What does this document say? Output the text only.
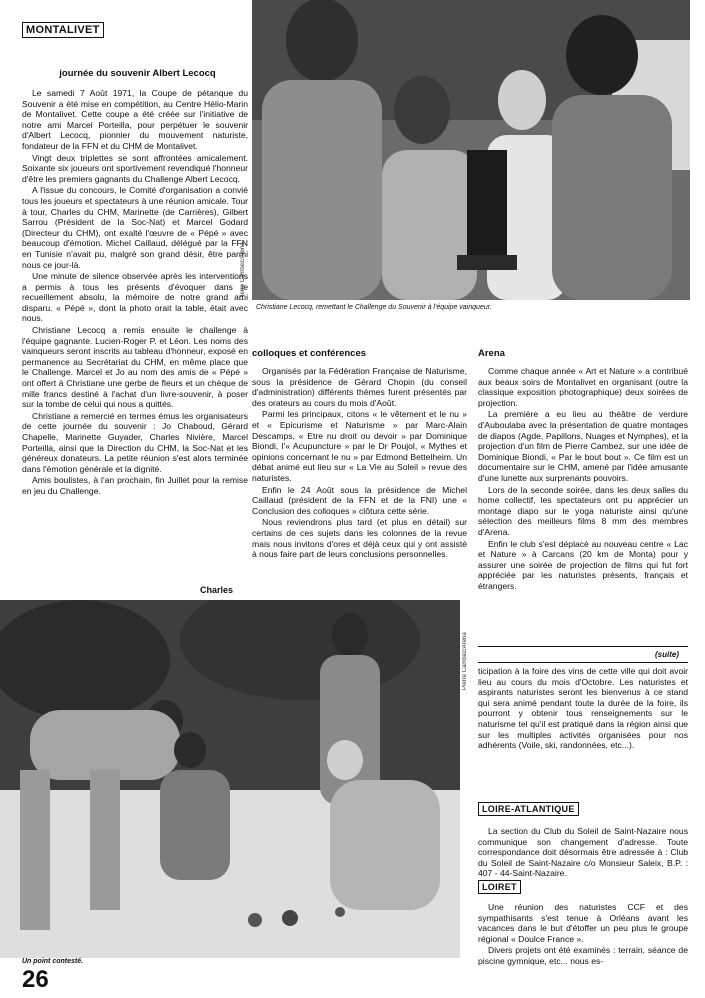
MONTALIVET
journée du souvenir Albert Lecocq

Le samedi 7 Août 1971, la Coupe de pétanque du Souvenir a été mise en compétition, au Centre Hélio-Marin de Montalivet. Cette coupe a été créée sur l'initiative de notre ami Marcel Porteilla, pour perpétuer le souvenir d'Albert Lecocq, pionnier du mouvement naturiste, fondateur de la FFN et du CHM de Montalivet.

Vingt deux triplettes se sont affrontées amicalement. Soixante six joueurs ont sportivement revendiqué l'honneur d'être les premiers gagnants du Challenge Albert Lecocq.

A l'issue du concours, le Comité d'organisation a convié tous les joueurs et spectateurs à une réunion amicale. Tour à tour, Charles du CHM, Marinette (de Carrières), Gilbert Sarrou (Président de la Soc-Nat) et Marcel Godard (Directeur du CHM), ont exalté l'œuvre de « Pépé » avec beaucoup d'émotion. Michel Caillaud, délégué par la FFN en Tunisie n'avait pu, malgré son grand désir, être parmi nous ce jour-là.

Une minute de silence observée après les interventions a permis à tous les présents d'évoquer dans le recueillement absolu, la mémoire de notre grand ami disparu. « Pépé », dont la photo orait la table, était avec nous.

Christiane Lecocq a remis ensuite le challenge à l'équipe gagnante. Lucien-Roger P. et Léon. Les noms des vainqueurs seront inscrits au tableau d'honneur, exposé en permanence au Secrétariat du CHM, en même place que le Challenge. Marcel et Jo au nom des amis de « Pépé » ont offert à Christiane une gerbe de fleurs et un chèque de mille francs destiné à l'achat d'un livre-souvenir, à poser sur la tombe de celui qui nous a quittés.

Christiane a remercié en termes émus les organisateurs de cette journée du souvenir : Jo Chaboud, Gérard Chapelle, Marinette Guyader, Charles Nivière, Marcel Porteilla, ainsi que la Direction du CHM, la Soc-Nat et les généreux donateurs. La petite réunion s'est alors terminée dans l'émotion générale et la dignité.

Amis boulistes, à l'an prochain, fin Juillet pour la remise en jeu du Challenge.

Charles
Pierre Cambez/Arena
Christiane Lecocq, remettant le Challenge du Souvenir à l'équipe vainqueur.
colloques et conférences

Organisés par la Fédération Française de Naturisme, sous la présidence de Gérard Chopin (du conseil d'administration) différents thèmes furent présentés par des orateurs au cours du mois d'Août.

Parmi les principaux, citons « le vêtement et le nu » et « Epicurisme et Naturisme » par Marc-Alain Descamps, « Etre nu droit ou devoir » par Dominique Biondi, l'« Acupuncture » par le Dr Poujol, « Mythes et opinions concernant le nu » par Edmond Bettelheim. Un débat animé eut lieu sur « La Vie au Soleil » revue des naturistes.

Enfin le 24 Août sous la présidence de Michel Caillaud (président de la FFN et de la FNI) une « Conclusion des colloques » clôtura cette série.

Nous reviendrons plus tard (et plus en détail) sur certains de ces sujets dans les colonnes de la revue mais nous invitons d'ores et déjà ceux qui y ont assisté à nous faire part de leurs conclusions personnelles.

Arena

Comme chaque année « Art et Nature » a contribué aux beaux soirs de Montalivet en organisant (outre la classique exposition photographique) deux soirées de projection.

La première a eu lieu au théâtre de verdure d'Auboulaba avec la présentation de quatre montages de diapos (Agde, Papillons, Nuages et Nymphes), et la projection d'un film de Pierre Cambez, sur une idée de Dominique Biondi, « Par le bout bout ». Ce film est un documentaire sur le CHM, amené par l'idée amusante d'une lunette aux surprenants pouvoirs.

Lors de la seconde soirée, dans les deux salles du home collectif, les spectateurs ont pu apprécier un montage diapo sur le yoga naturiste ainsi qu'une sélection des meilleurs films 8 mm des membres d'Arena.

Enfin le club s'est déplacé au nouveau centre « Lac et Nature » à Carcans (20 km de Monta) pour y assurer une soirée de projection de films qui fut fort appréciée par les naturistes présents, français et étrangers.

Pierre Cambez/Arena
Un point contesté.
(suite)

ticipation à la foire des vins de cette ville qui doit avoir lieu au cours du mois d'Octobre. Les naturistes et aspirants naturistes seront les bienvenus à ce stand qui sera animé pendant toute la durée de la foire, ils pourront y obtenir tous renseignements sur le naturisme tel qu'il est pratiqué dans la région ainsi que sur les multiples activités organisées pour nos adhérents (Voile, ski, randonnées, etc...).

LOIRE-ATLANTIQUE

La section du Club du Soleil de Saint-Nazaire nous communique son changement d'adresse. Toute correspondance doit désormais être adressée à : Club du Soleil de Saint-Nazaire c/o Monsieur Saleix, B.P. : 407 - 44-Saint-Nazaire.

LOIRET

Une réunion des naturistes CCF et des sympathisants s'est tenue à Orléans avant les vacances dans le but d'étoffer un peu plus le groupe régional « Doulce France ».

Divers projets ont été examinés : terrain, séance de piscine gymnique, etc... nous es-

26
